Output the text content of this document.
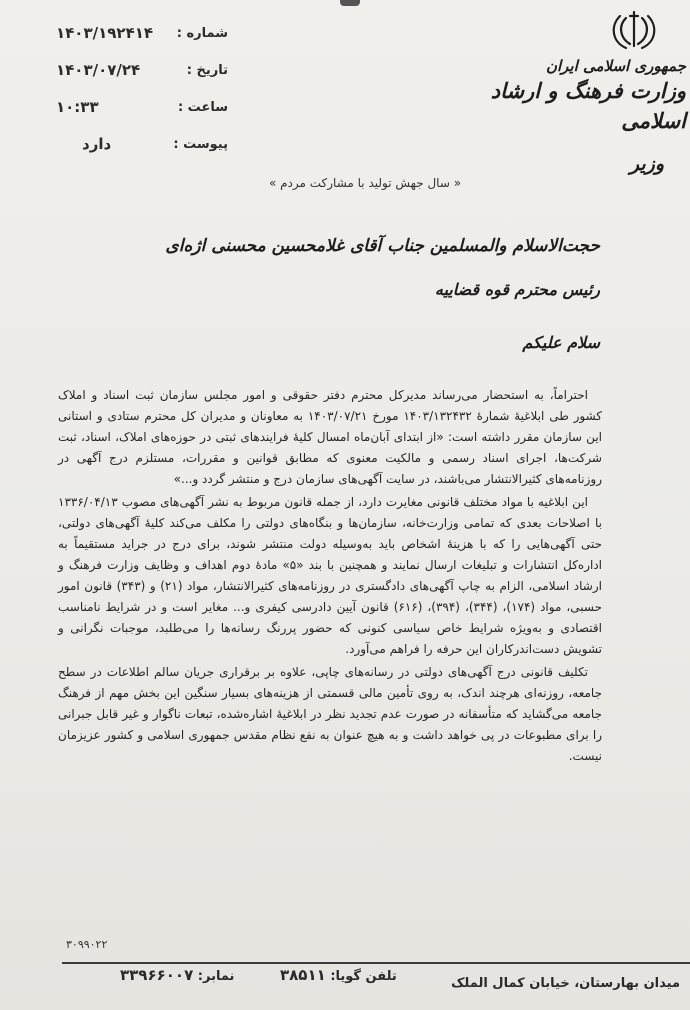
جمهوری اسلامی ایران
وزارت فرهنگ و ارشاد اسلامی
وزیر
شماره :
۱۴۰۳/۱۹۲۴۱۴
تاریخ :
۱۴۰۳/۰۷/۲۴
ساعت :
۱۰:۳۳
پیوست :
دارد
« سال جهش تولید با مشارکت مردم »
حجت‌الاسلام والمسلمین جناب آقای غلامحسین محسنی اژه‌ای
رئیس محترم قوه قضاییه
سلام علیکم

احتراماً، به استحضار می‌رساند مدیرکل محترم دفتر حقوقی و امور مجلس سازمان ثبت اسناد و املاک کشور طی ابلاغیهٔ شمارهٔ ۱۴۰۳/۱۳۲۴۳۲ مورخ ۱۴۰۳/۰۷/۲۱ به معاونان و مدیران کل محترم ستادی و استانی این سازمان مقرر داشته است: «از ابتدای آبان‌ماه امسال کلیهٔ فرایندهای ثبتی در حوزه‌های املاک، اسناد، ثبت شرکت‌ها، اجرای اسناد رسمی و مالکیت معنوی که مطابق قوانین و مقررات، مستلزم درج آگهی در روزنامه‌های کثیرالانتشار می‌باشند، در سایت آگهی‌های سازمان درج و منتشر گردد و...»

این ابلاغیه با مواد مختلف قانونی مغایرت دارد، از جمله قانون مربوط به نشر آگهی‌های مصوب ۱۳۳۶/۰۴/۱۳ با اصلاحات بعدی که تمامی وزارت‌خانه، سازمان‌ها و بنگاه‌های دولتی را مکلف می‌کند کلیهٔ آگهی‌های دولتی، حتی آگهی‌هایی را که با هزینهٔ اشخاص باید به‌وسیله دولت منتشر شوند، برای درج در جراید مستقیماً به اداره‌کل انتشارات و تبلیغات ارسال نمایند و همچنین با بند «۵» مادهٔ دوم اهداف و وظایف وزارت فرهنگ و ارشاد اسلامی، الزام به چاپ آگهی‌های دادگستری در روزنامه‌های کثیرالانتشار، مواد (۲۱) و (۳۴۳) قانون امور حسبی، مواد (۱۷۴)، (۳۴۴)، (۳۹۴)، (۶۱۶) قانون آیین دادرسی کیفری و... مغایر است و در شرایط نامناسب اقتصادی و به‌ویژه شرایط خاص سیاسی کنونی که حضور پررنگ رسانه‌ها را می‌طلبد، موجبات نگرانی و تشویش دست‌اندرکاران این حرفه را فراهم می‌آورد.

تکلیف قانونی درج آگهی‌های دولتی در رسانه‌های چاپی، علاوه بر برقراری جریان سالم اطلاعات در سطح جامعه، روزنه‌ای هرچند اندک، به روی تأمین مالی قسمتی از هزینه‌های بسیار سنگین این بخش مهم از فرهنگ جامعه می‌گشاید که متأسفانه در صورت عدم تجدید نظر در ابلاغیهٔ اشاره‌شده، تبعات ناگوار و غیر قابل جبرانی را برای مطبوعات در پی خواهد داشت و به هیچ عنوان به نفع نظام مقدس جمهوری اسلامی و کشور عزیزمان نیست.

۳۰۹۹۰۲۲
میدان بهارستان، خیابان کمال الملک
تلفن گویا: ۳۸۵۱۱
نمابر: ۳۳۹۶۶۰۰۷
